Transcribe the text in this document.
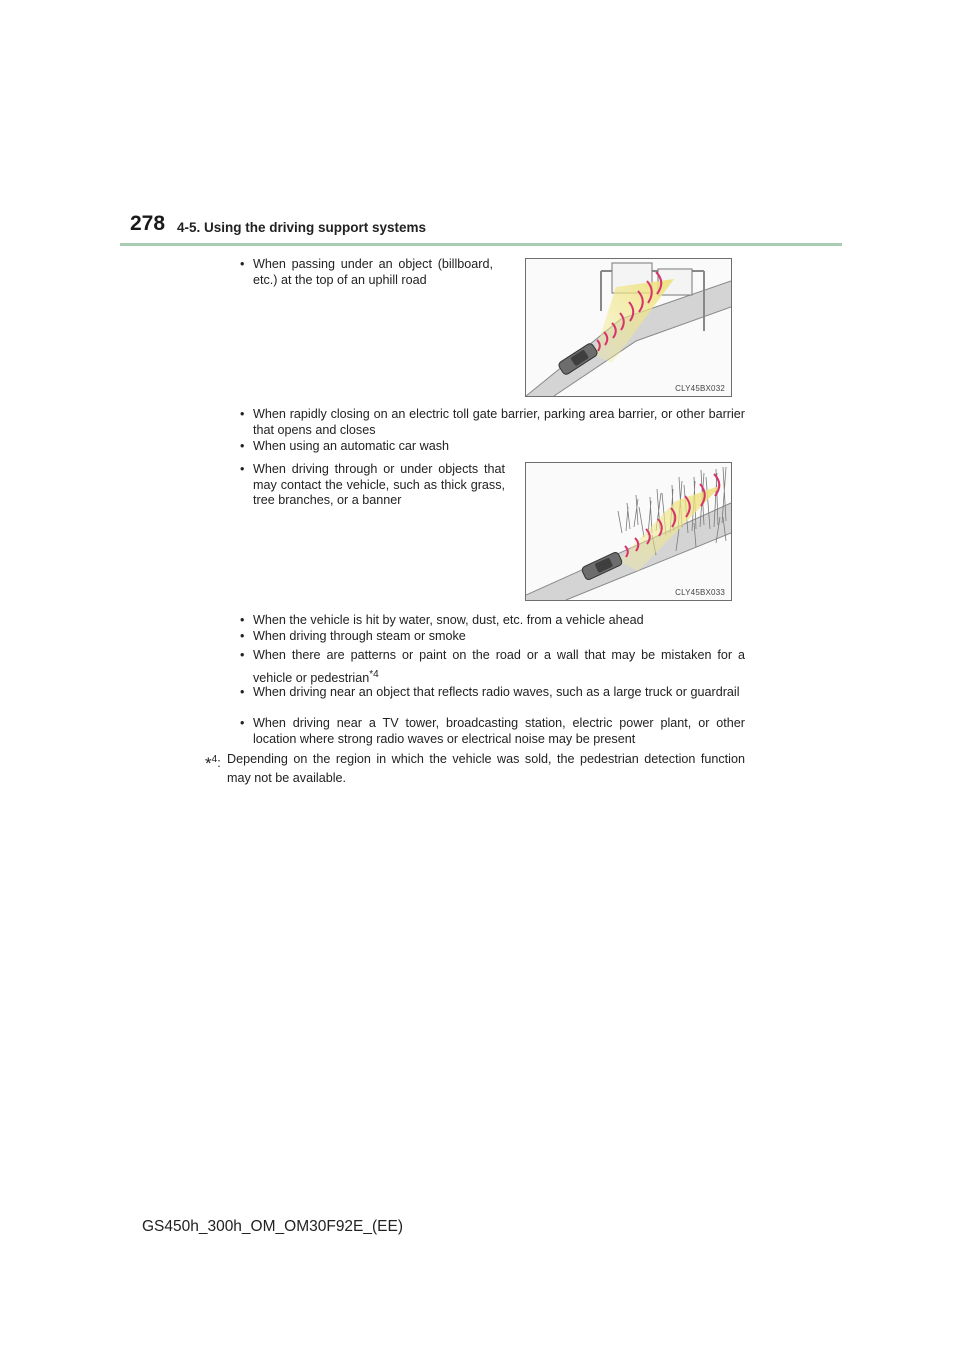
278 4-5. Using the driving support systems
• When passing under an object (billboard, etc.) at the top of an uphill road
CLY45BX032
• When rapidly closing on an electric toll gate barrier, parking area barrier, or other barrier that opens and closes
• When using an automatic car wash
• When driving through or under objects that may contact the vehicle, such as thick grass, tree branches, or a banner
CLY45BX033
• When the vehicle is hit by water, snow, dust, etc. from a vehicle ahead
• When driving through steam or smoke
• When there are patterns or paint on the road or a wall that may be mistaken for a vehicle or pedestrian$^{*4}$
• When driving near an object that reflects radio waves, such as a large truck or guardrail
• When driving near a TV tower, broadcasting station, electric power plant, or other location where strong radio waves or electrical noise may be present
*$^4$: Depending on the region in which the vehicle was sold, the pedestrian detection function may not be available.
GS450h_300h_OM_OM30F92E_(EE)
